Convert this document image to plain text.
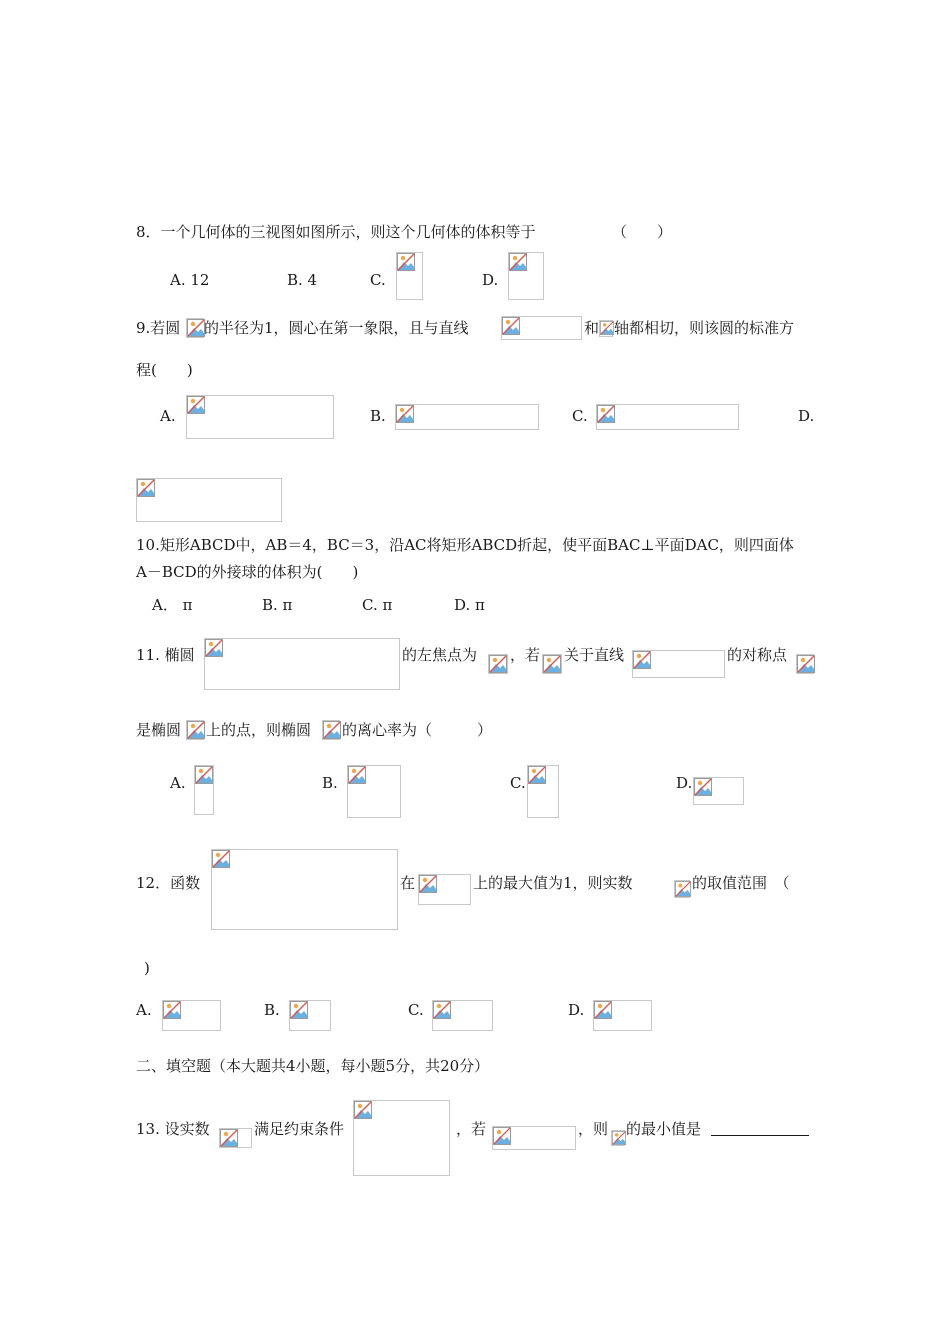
8．一个几何体的三视图如图所示，则这个几何体的体积等于	（　　）
A. 12	B. 4	C.	D.
9.若圆 的半径为1，圆心在第一象限，且与直线	和 轴都相切，则该圆的标准方
程(　　)
A.	B.	C.	D.
10.矩形ABCD中，AB＝4，BC＝3，沿AC将矩形ABCD折起，使平面BAC⊥平面DAC，则四面体
A－BCD的外接球的体积为(　　)
A． π	B. π	C. π	D. π
11. 椭圆	的左焦点为 ，若 关于直线	的对称点
是椭圆 上的点，则椭圆 的离心率为（　　　）
A.	B.	C.	D.
12．函数	在	上的最大值为1，则实数	的取值范围　（
)
A.	B.	C.	D.
二、填空题（本大题共4小题，每小题5分，共20分）
13. 设实数	满足约束条件	，若	，则 的最小值是
